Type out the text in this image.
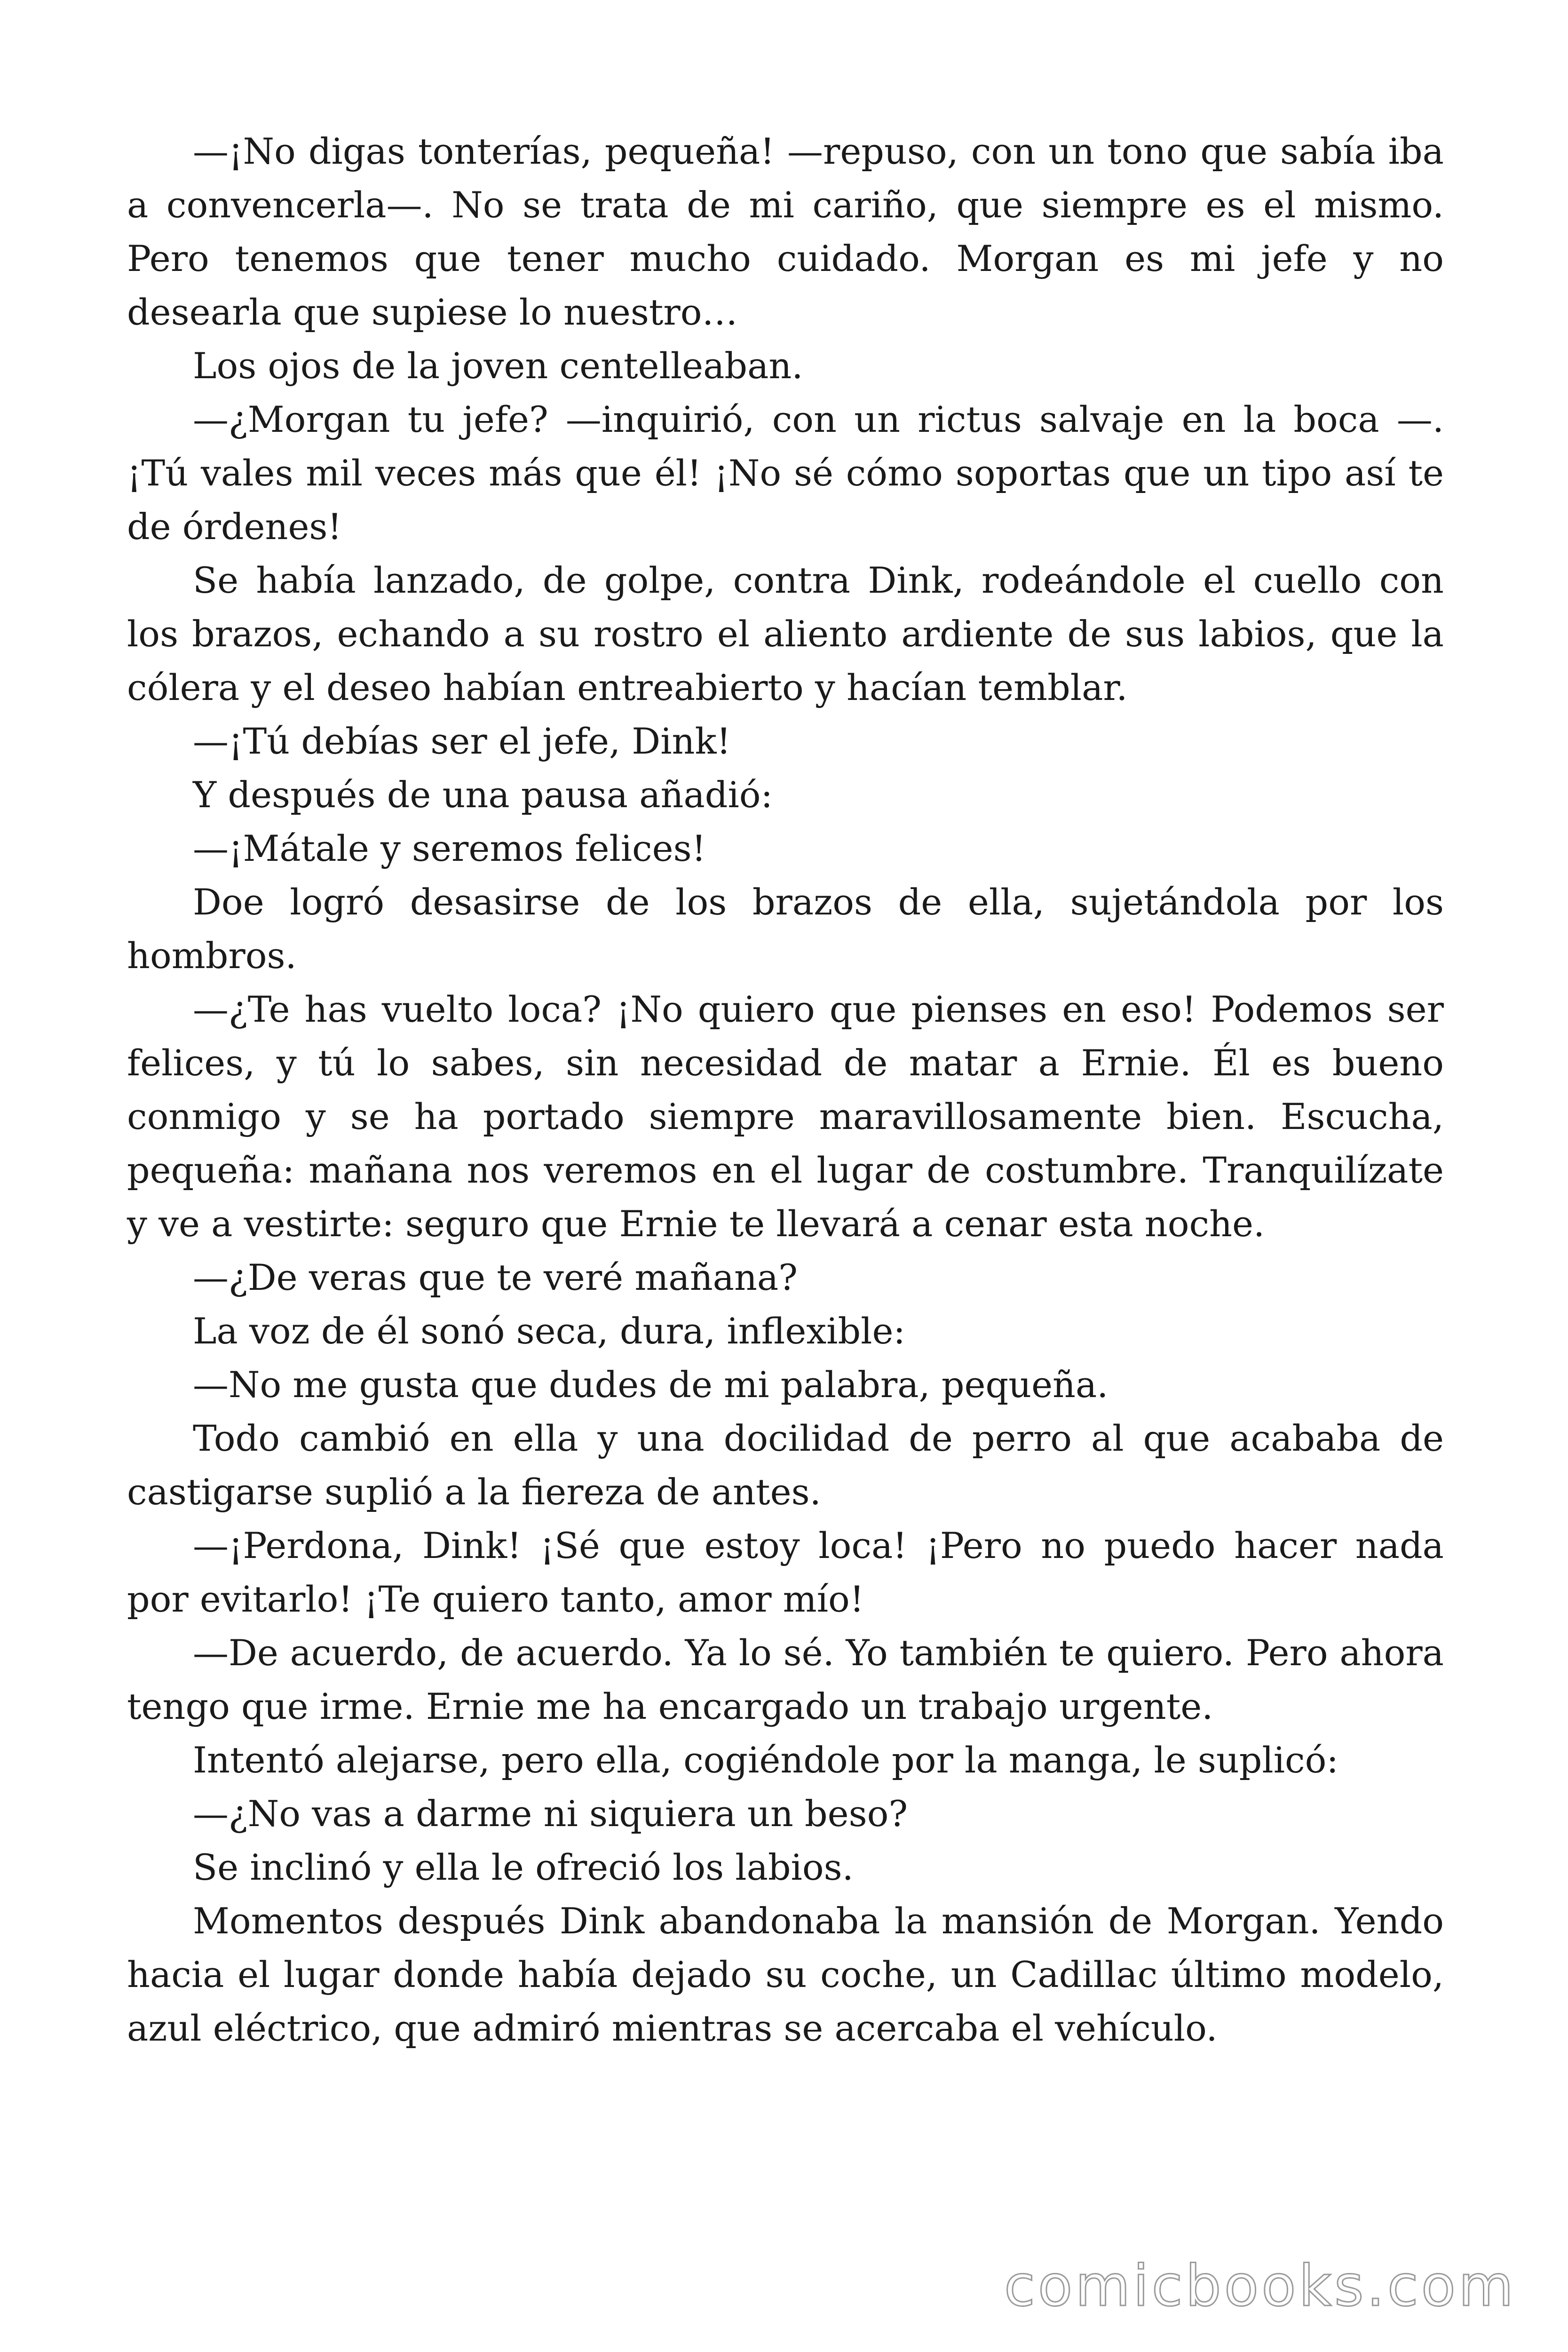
—¡No digas tonterías, pequeña! —repuso, con un tono que sabía iba a convencerla—. No se trata de mi cariño, que siempre es el mismo. Pero tenemos que tener mucho cuidado. Morgan es mi jefe y no desearla que supiese lo nuestro…

Los ojos de la joven centelleaban.

—¿Morgan tu jefe? —inquirió, con un rictus salvaje en la boca —. ¡Tú vales mil veces más que él! ¡No sé cómo soportas que un tipo así te de órdenes!

Se había lanzado, de golpe, contra Dink, rodeándole el cuello con los brazos, echando a su rostro el aliento ardiente de sus labios, que la cólera y el deseo habían entreabierto y hacían temblar.

—¡Tú debías ser el jefe, Dink!

Y después de una pausa añadió:

—¡Mátale y seremos felices!

Doe logró desasirse de los brazos de ella, sujetándola por los hombros.

—¿Te has vuelto loca? ¡No quiero que pienses en eso! Podemos ser felices, y tú lo sabes, sin necesidad de matar a Ernie. Él es bueno conmigo y se ha portado siempre maravillosamente bien. Escucha, pequeña: mañana nos veremos en el lugar de costumbre. Tranquilízate y ve a vestirte: seguro que Ernie te llevará a cenar esta noche.

—¿De veras que te veré mañana?

La voz de él sonó seca, dura, inflexible:

—No me gusta que dudes de mi palabra, pequeña.

Todo cambió en ella y una docilidad de perro al que acababa de castigarse suplió a la fiereza de antes.

—¡Perdona, Dink! ¡Sé que estoy loca! ¡Pero no puedo hacer nada por evitarlo! ¡Te quiero tanto, amor mío!

—De acuerdo, de acuerdo. Ya lo sé. Yo también te quiero. Pero ahora tengo que irme. Ernie me ha encargado un trabajo urgente.

Intentó alejarse, pero ella, cogiéndole por la manga, le suplicó:

—¿No vas a darme ni siquiera un beso?

Se inclinó y ella le ofreció los labios.

Momentos después Dink abandonaba la mansión de Morgan. Yendo hacia el lugar donde había dejado su coche, un Cadillac último modelo, azul eléctrico, que admiró mientras se acercaba el vehículo.

comicbooks.com
